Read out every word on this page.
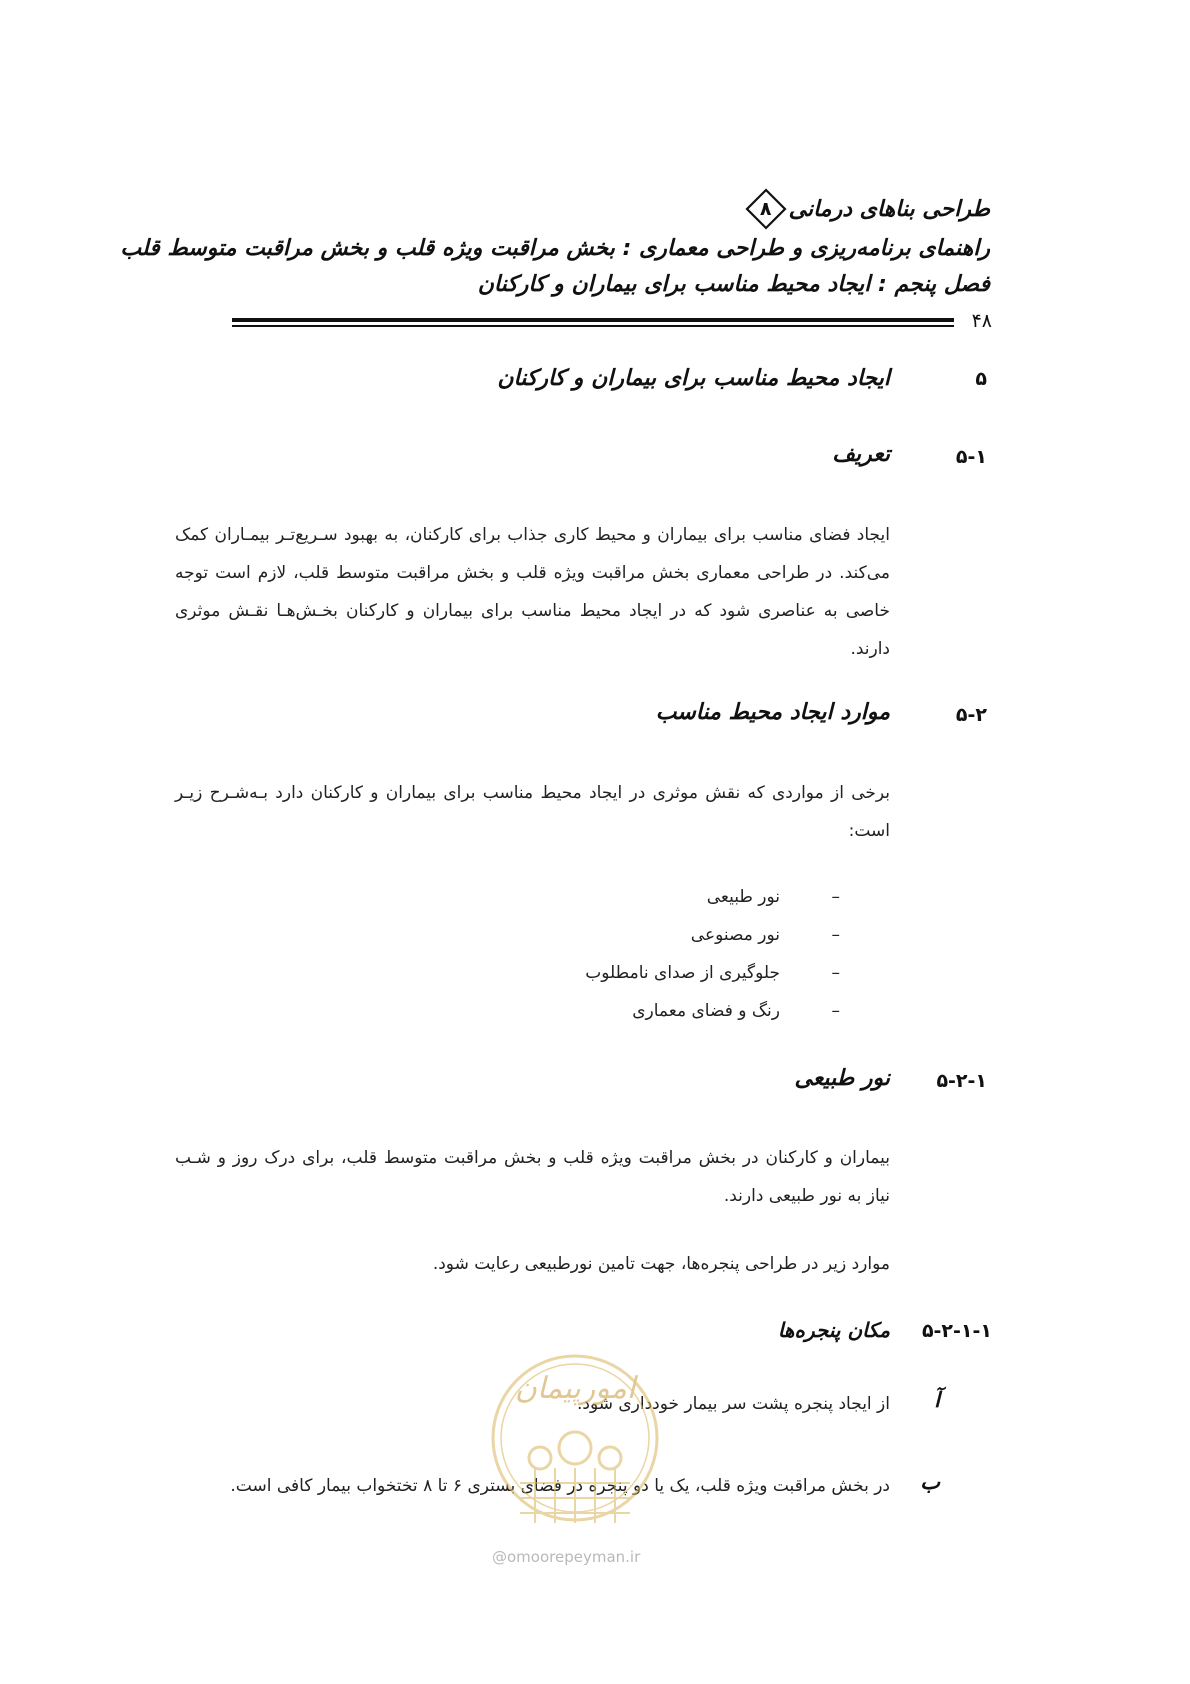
طراحی بناهای درمانی
۸
راهنمای برنامه‌ریزی و طراحی معماری : بخش مراقبت ویژه قلب و بخش مراقبت متوسط قلب
فصل پنجم : ایجاد محیط مناسب برای بیماران و کارکنان
۴۸
۵
ایجاد محیط مناسب برای بیماران و کارکنان
۵-۱
تعریف
ایجاد فضای مناسب برای بیماران و محیط کاری جذاب برای کارکنان، به بهبود سـریع‌تـر بیمـاران کمک می‌کند. در طراحی معماری بخش مراقبت ویژه قلب و بخش مراقبت متوسط قلب، لازم است توجه خاصی به عناصری شود که در ایجاد محیط مناسب برای بیماران و کارکنان بخـش‌هـا نقـش موثری دارند.
۵-۲
موارد ایجاد محیط مناسب
برخی از مواردی که نقش موثری در ایجاد محیط مناسب برای بیماران و کارکنان دارد بـه‌شـرح زیـر است:
–
نور طبیعی
–
نور مصنوعی
–
جلوگیری از صدای نامطلوب
–
رنگ و فضای معماری
۵-۲-۱
نور طبیعی
بیماران و کارکنان در بخش مراقبت ویژه قلب و بخش مراقبت متوسط قلب، برای درک روز و شـب نیاز به نور طبیعی دارند.
موارد زیر در طراحی پنجره‌ها، جهت تامین نورطبیعی رعایت شود.
۵-۲-۱-۱
مکان پنجره‌ها
آ
از ایجاد پنجره پشت سر بیمار خودداری شود.
ب
در بخش مراقبت ویژه قلب، یک یا دو پنجره در فضای بستری ۶ تا ۸ تختخواب بیمار کافی است.
امورپیمان
@omoorepeyman.ir
